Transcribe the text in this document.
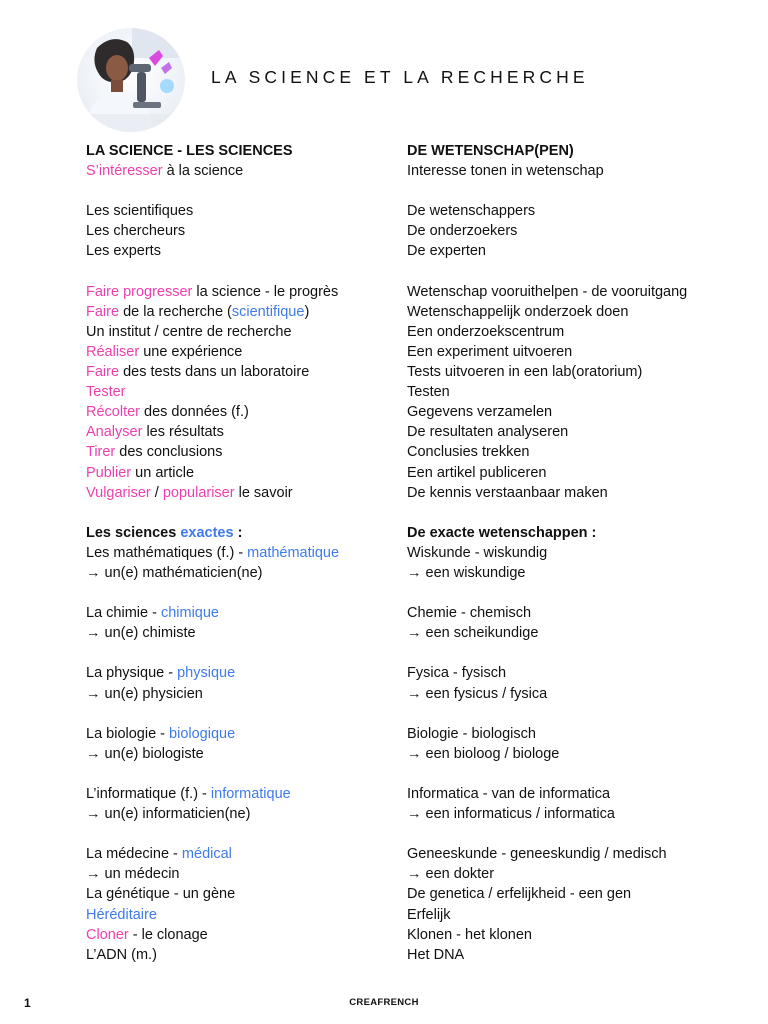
LA SCIENCE ET LA RECHERCHE
LA SCIENCE - LES SCIENCES	DE WETENSCHAP(PEN)
S’intéresser à la science	Interesse tonen in wetenschap
Les scientifiques	De wetenschappers
Les chercheurs	De onderzoekers
Les experts	De experten
Faire progresser la science - le progrès	Wetenschap vooruithelpen - de vooruitgang
Faire de la recherche (scientifique)	Wetenschappelijk onderzoek doen
Un institut / centre de recherche	Een onderzoekscentrum
Réaliser une expérience	Een experiment uitvoeren
Faire des tests dans un laboratoire	Tests uitvoeren in een lab(oratorium)
Tester	Testen
Récolter des données (f.)	Gegevens verzamelen
Analyser les résultats	De resultaten analyseren
Tirer des conclusions	Conclusies trekken
Publier un article	Een artikel publiceren
Vulgariser / populariser le savoir	De kennis verstaanbaar maken
Les sciences exactes :	De exacte wetenschappen :
Les mathématiques (f.) - mathématique	Wiskunde - wiskundig
→ un(e) mathématicien(ne)	→ een wiskundige
La chimie - chimique	Chemie - chemisch
→ un(e) chimiste	→ een scheikundige
La physique - physique	Fysica - fysisch
→ un(e) physicien	→ een fysicus / fysica
La biologie - biologique	Biologie - biologisch
→ un(e) biologiste	→ een bioloog / biologe
L’informatique (f.) - informatique	Informatica - van de informatica
→ un(e) informaticien(ne)	→ een informaticus / informatica
La médecine - médical	Geneeskunde - geneeskundig / medisch
→ un médecin	→ een dokter
La génétique - un gène	De genetica / erfelijkheid - een gen
Héréditaire	Erfelijk
Cloner - le clonage	Klonen - het klonen
L’ADN (m.)	Het DNA
1	CREAFRENCH
